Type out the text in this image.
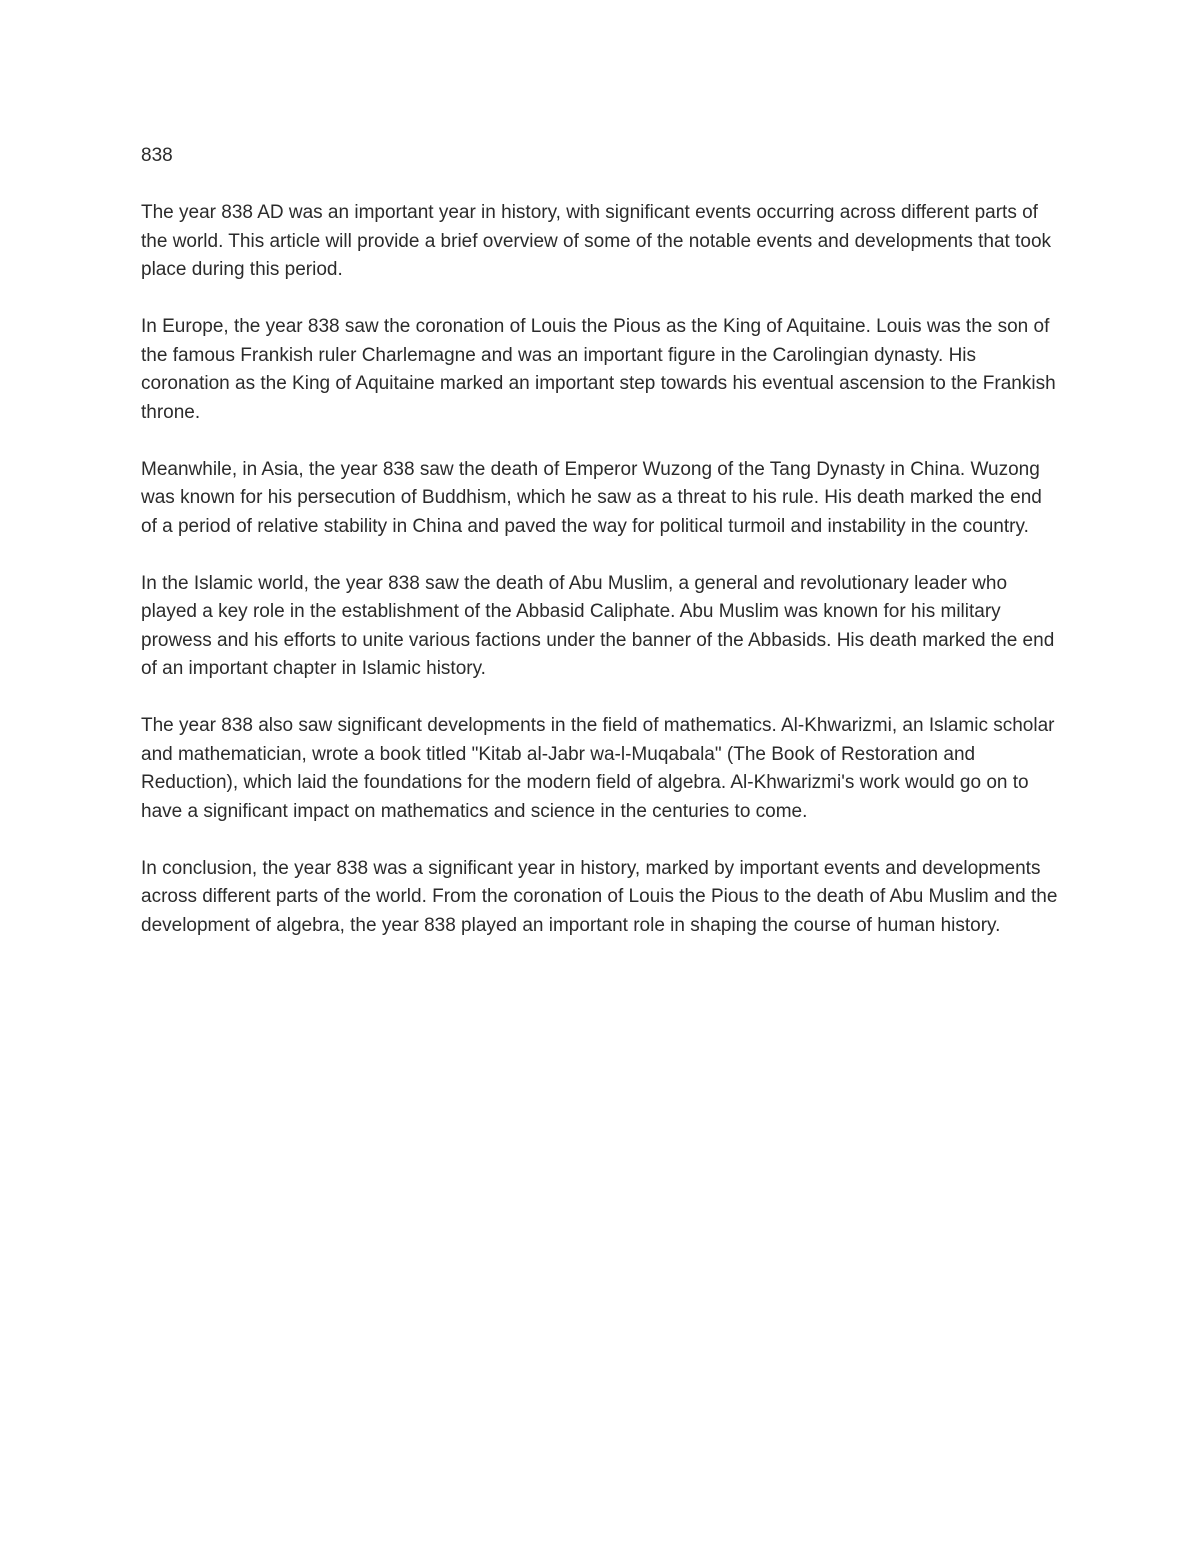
838

The year 838 AD was an important year in history, with significant events occurring across different parts of the world. This article will provide a brief overview of some of the notable events and developments that took place during this period.

In Europe, the year 838 saw the coronation of Louis the Pious as the King of Aquitaine. Louis was the son of the famous Frankish ruler Charlemagne and was an important figure in the Carolingian dynasty. His coronation as the King of Aquitaine marked an important step towards his eventual ascension to the Frankish throne.

Meanwhile, in Asia, the year 838 saw the death of Emperor Wuzong of the Tang Dynasty in China. Wuzong was known for his persecution of Buddhism, which he saw as a threat to his rule. His death marked the end of a period of relative stability in China and paved the way for political turmoil and instability in the country.

In the Islamic world, the year 838 saw the death of Abu Muslim, a general and revolutionary leader who played a key role in the establishment of the Abbasid Caliphate. Abu Muslim was known for his military prowess and his efforts to unite various factions under the banner of the Abbasids. His death marked the end of an important chapter in Islamic history.

The year 838 also saw significant developments in the field of mathematics. Al-Khwarizmi, an Islamic scholar and mathematician, wrote a book titled "Kitab al-Jabr wa-l-Muqabala" (The Book of Restoration and Reduction), which laid the foundations for the modern field of algebra. Al-Khwarizmi's work would go on to have a significant impact on mathematics and science in the centuries to come.

In conclusion, the year 838 was a significant year in history, marked by important events and developments across different parts of the world. From the coronation of Louis the Pious to the death of Abu Muslim and the development of algebra, the year 838 played an important role in shaping the course of human history.
